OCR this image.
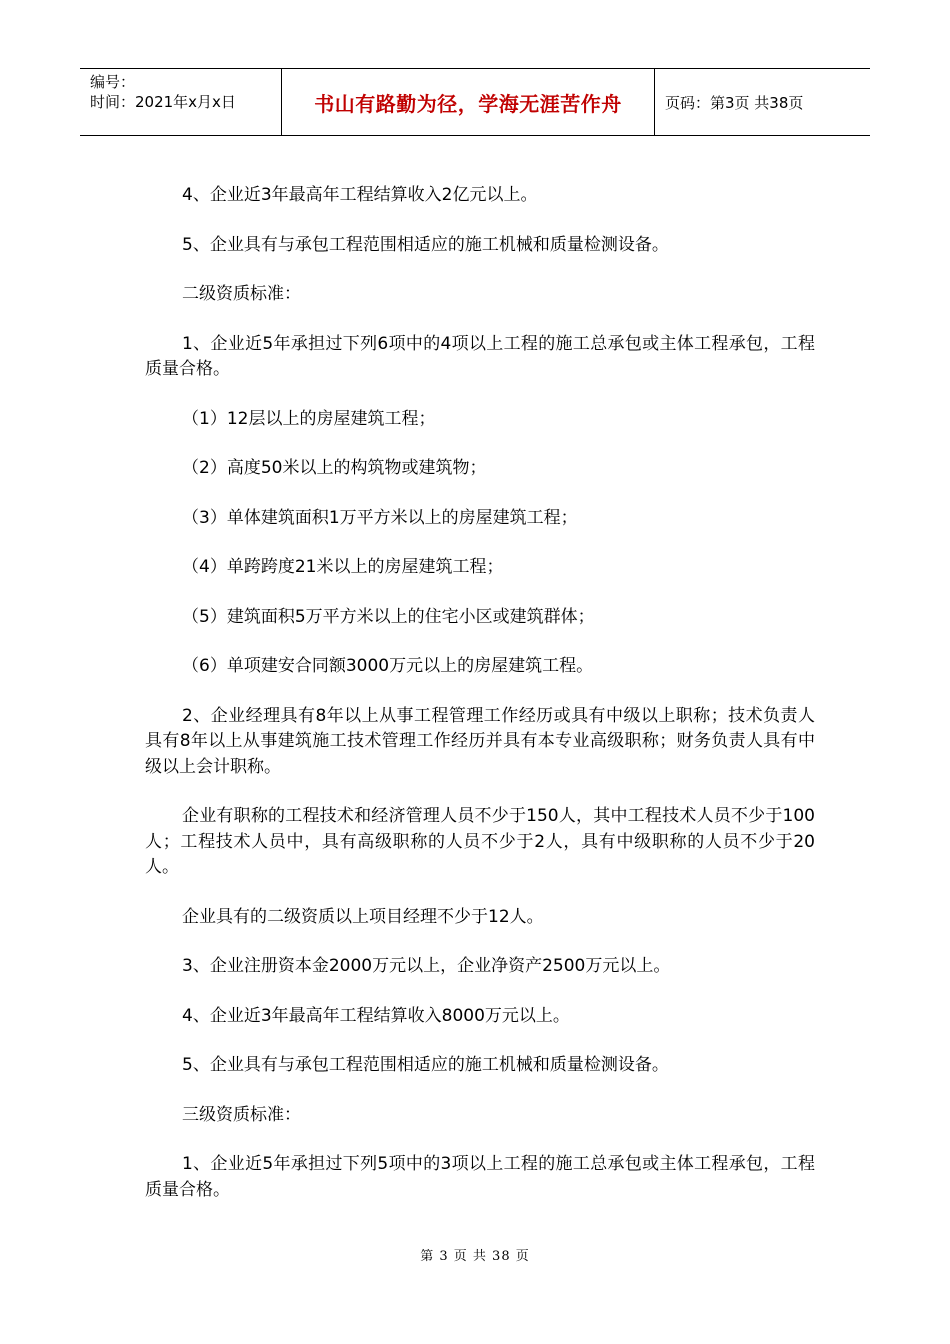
编号：
时间：2021年x月x日	书山有路勤为径，学海无涯苦作舟	页码：第3页 共38页

4、企业近3年最高年工程结算收入2亿元以上。

5、企业具有与承包工程范围相适应的施工机械和质量检测设备。

二级资质标准：

1、企业近5年承担过下列6项中的4项以上工程的施工总承包或主体工程承包，工程质量合格。

（1）12层以上的房屋建筑工程；

（2）高度50米以上的构筑物或建筑物；

（3）单体建筑面积1万平方米以上的房屋建筑工程；

（4）单跨跨度21米以上的房屋建筑工程；

（5）建筑面积5万平方米以上的住宅小区或建筑群体；

（6）单项建安合同额3000万元以上的房屋建筑工程。

2、企业经理具有8年以上从事工程管理工作经历或具有中级以上职称；技术负责人具有8年以上从事建筑施工技术管理工作经历并具有本专业高级职称；财务负责人具有中级以上会计职称。

企业有职称的工程技术和经济管理人员不少于150人，其中工程技术人员不少于100人；工程技术人员中，具有高级职称的人员不少于2人，具有中级职称的人员不少于20人。

企业具有的二级资质以上项目经理不少于12人。

3、企业注册资本金2000万元以上，企业净资产2500万元以上。

4、企业近3年最高年工程结算收入8000万元以上。

5、企业具有与承包工程范围相适应的施工机械和质量检测设备。

三级资质标准：

1、企业近5年承担过下列5项中的3项以上工程的施工总承包或主体工程承包，工程质量合格。

第 3 页 共 38 页
